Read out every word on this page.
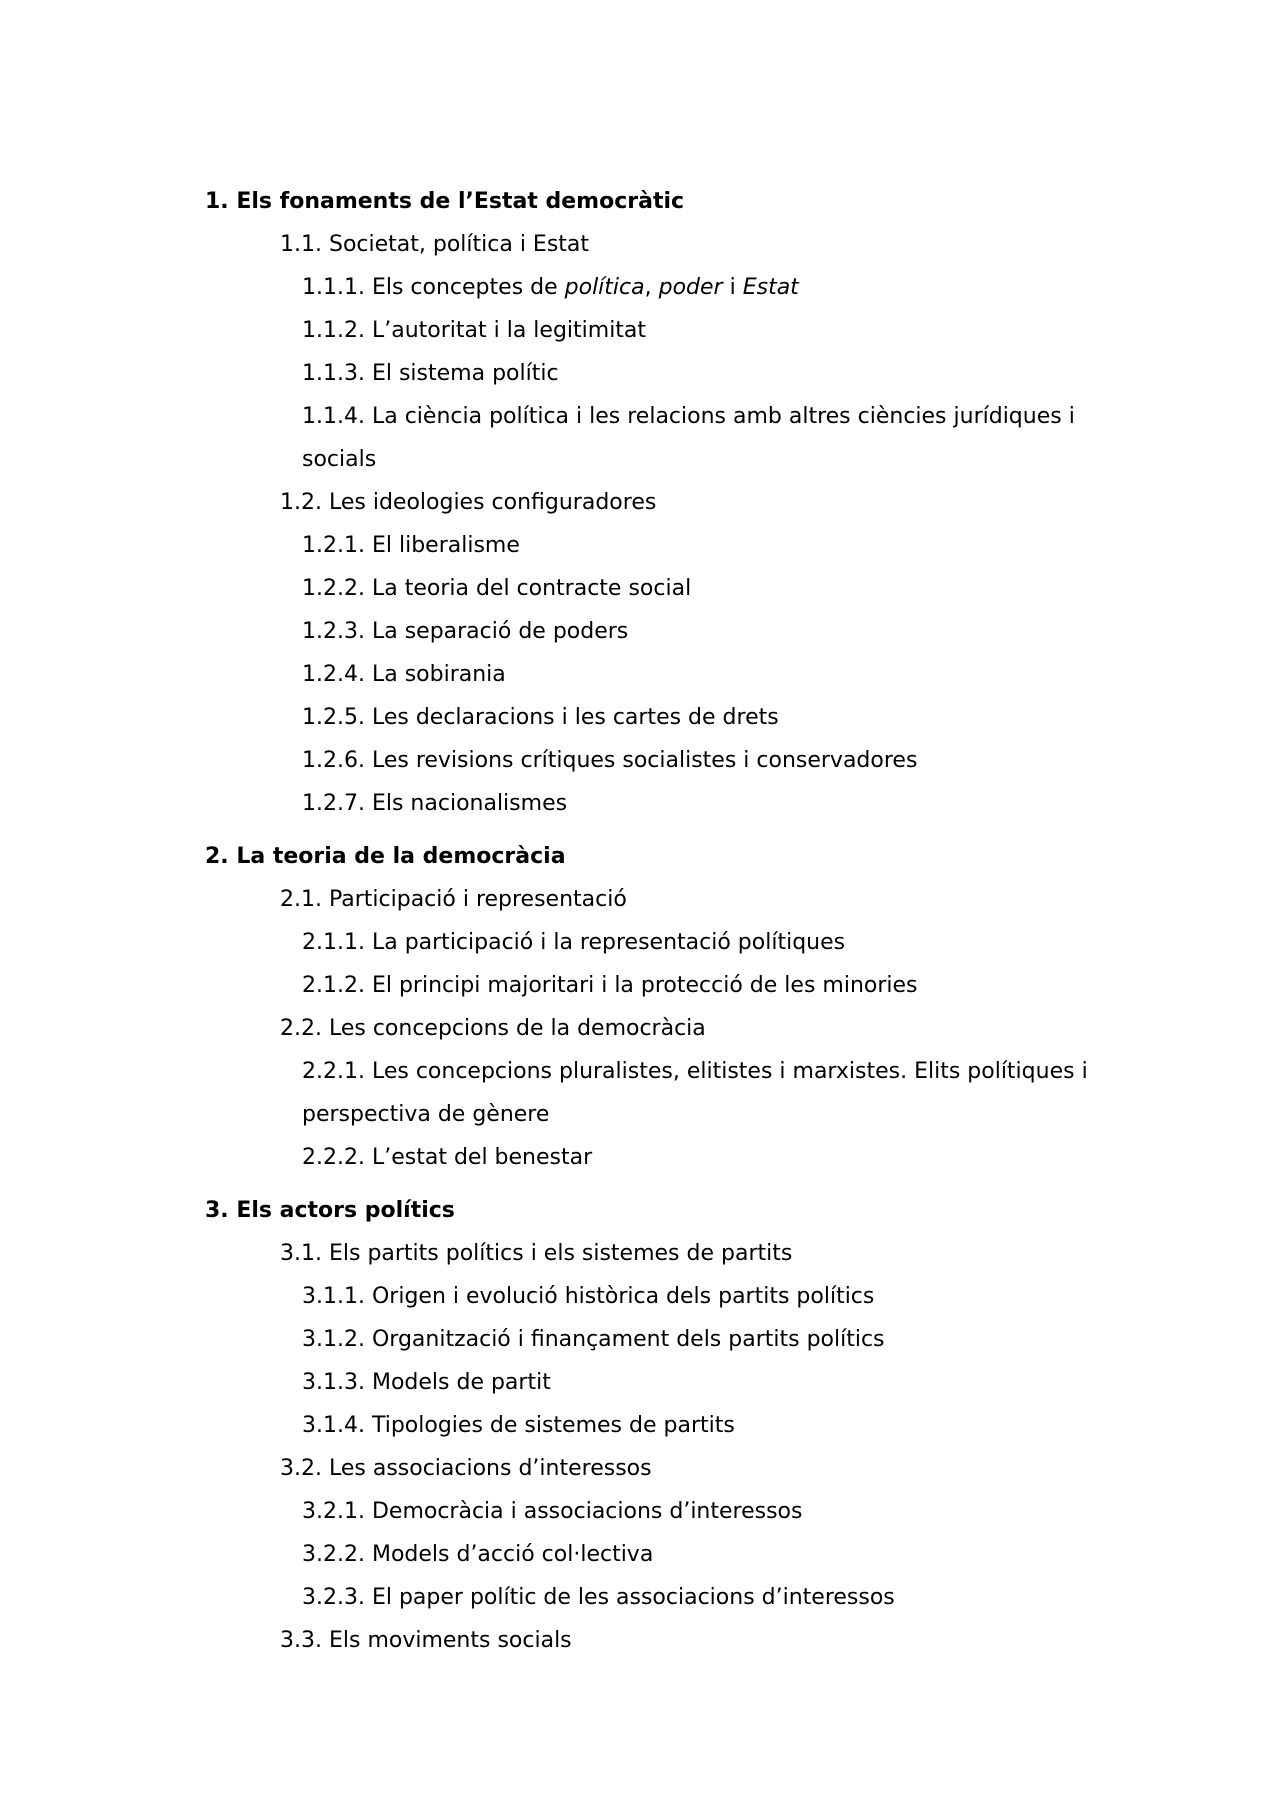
1. Els fonaments de l’Estat democràtic
1.1. Societat, política i Estat
1.1.1. Els conceptes de política, poder i Estat
1.1.2. L’autoritat i la legitimitat
1.1.3. El sistema polític
1.1.4. La ciència política i les relacions amb altres ciències jurídiques i
socials
1.2. Les ideologies configuradores
1.2.1. El liberalisme
1.2.2. La teoria del contracte social
1.2.3. La separació de poders
1.2.4. La sobirania
1.2.5. Les declaracions i les cartes de drets
1.2.6. Les revisions crítiques socialistes i conservadores
1.2.7. Els nacionalismes
2. La teoria de la democràcia
2.1. Participació i representació
2.1.1. La participació i la representació polítiques
2.1.2. El principi majoritari i la protecció de les minories
2.2. Les concepcions de la democràcia
2.2.1. Les concepcions pluralistes, elitistes i marxistes. Elits polítiques i
perspectiva de gènere
2.2.2. L’estat del benestar
3. Els actors polítics
3.1. Els partits polítics i els sistemes de partits
3.1.1. Origen i evolució històrica dels partits polítics
3.1.2. Organització i finançament dels partits polítics
3.1.3. Models de partit
3.1.4. Tipologies de sistemes de partits
3.2. Les associacions d’interessos
3.2.1. Democràcia i associacions d’interessos
3.2.2. Models d’acció col·lectiva
3.2.3. El paper polític de les associacions d’interessos
3.3. Els moviments socials
